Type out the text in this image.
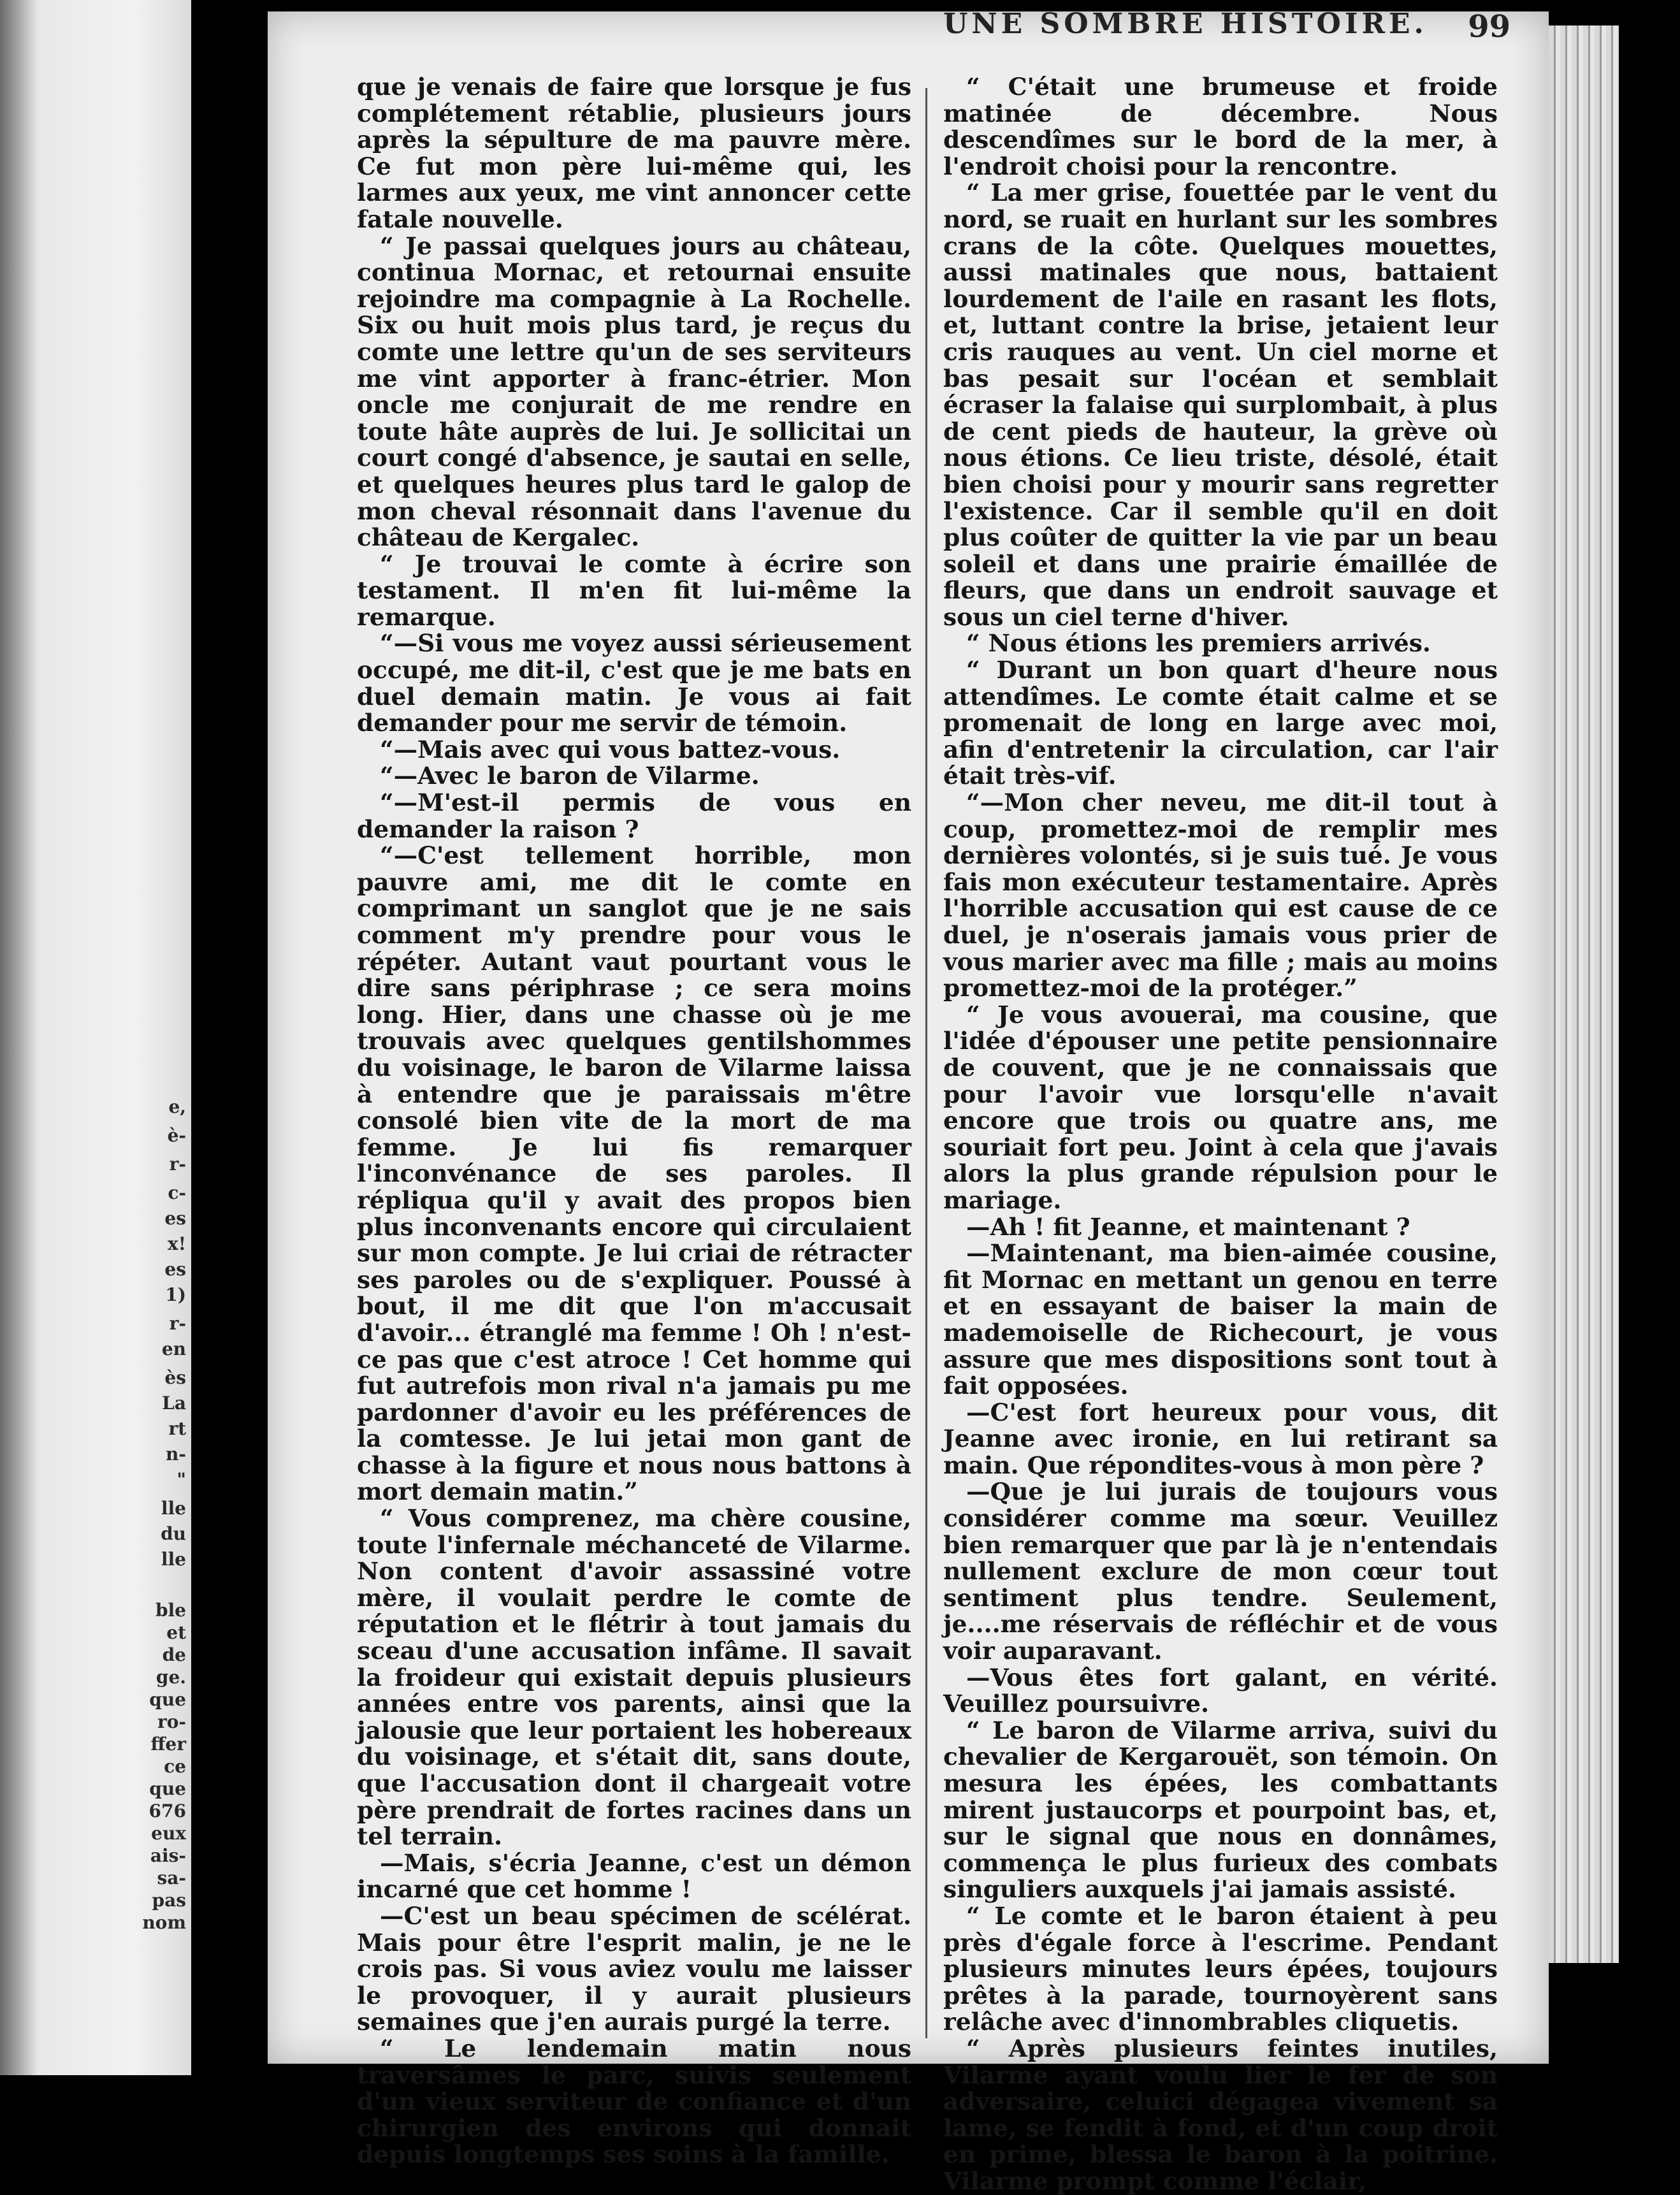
e,
è-
r-
c-
es
x!
es
1)
r-
en
ès
La
rt
n-
"
lle
du
lle
ble
et
de
ge.
que
ro-
ffer
ce
que
676
eux
ais-
sa-
pas
nom
UNE SOMBRE HISTOIRE. 99

que je venais de faire que lorsque je fus complétement rétablie, plusieurs jours après la sépulture de ma pauvre mère. Ce fut mon père lui-même qui, les larmes aux yeux, me vint annoncer cette fatale nouvelle.

“ Je passai quelques jours au château, continua Mornac, et retournai ensuite rejoindre ma compagnie à La Rochelle. Six ou huit mois plus tard, je reçus du comte une lettre qu'un de ses serviteurs me vint apporter à franc-étrier. Mon oncle me conjurait de me rendre en toute hâte auprès de lui. Je sollicitai un court congé d'absence, je sautai en selle, et quelques heures plus tard le galop de mon cheval résonnait dans l'avenue du château de Kergalec.

“ Je trouvai le comte à écrire son testament. Il m'en fit lui-même la remarque.

“—Si vous me voyez aussi sérieusement occupé, me dit-il, c'est que je me bats en duel demain matin. Je vous ai fait demander pour me servir de témoin.

“—Mais avec qui vous battez-vous.

“—Avec le baron de Vilarme.

“—M'est-il permis de vous en demander la raison ?

“—C'est tellement horrible, mon pauvre ami, me dit le comte en comprimant un sanglot que je ne sais comment m'y prendre pour vous le répéter. Autant vaut pourtant vous le dire sans périphrase ; ce sera moins long. Hier, dans une chasse où je me trouvais avec quelques gentilshommes du voisinage, le baron de Vilarme laissa à entendre que je paraissais m'être consolé bien vite de la mort de ma femme. Je lui fis remarquer l'inconvénance de ses paroles. Il répliqua qu'il y avait des propos bien plus inconvenants encore qui circulaient sur mon compte. Je lui criai de rétracter ses paroles ou de s'expliquer. Poussé à bout, il me dit que l'on m'accusait d'avoir... étranglé ma femme ! Oh ! n'est-ce pas que c'est atroce ! Cet homme qui fut autrefois mon rival n'a jamais pu me pardonner d'avoir eu les préférences de la comtesse. Je lui jetai mon gant de chasse à la figure et nous nous battons à mort demain matin.”

“ Vous comprenez, ma chère cousine, toute l'infernale méchanceté de Vilarme. Non content d'avoir assassiné votre mère, il voulait perdre le comte de réputation et le flétrir à tout jamais du sceau d'une accusation infâme. Il savait la froideur qui existait depuis plusieurs années entre vos parents, ainsi que la jalousie que leur portaient les hobereaux du voisinage, et s'était dit, sans doute, que l'accusation dont il chargeait votre père prendrait de fortes racines dans un tel terrain.

—Mais, s'écria Jeanne, c'est un démon incarné que cet homme !

—C'est un beau spécimen de scélérat. Mais pour être l'esprit malin, je ne le crois pas. Si vous aviez voulu me laisser le provoquer, il y aurait plusieurs semaines que j'en aurais purgé la terre.

“ Le lendemain matin nous traversâmes le parc, suivis seulement d'un vieux serviteur de confiance et d'un chirurgien des environs qui donnait depuis longtemps ses soins à la famille.

“ C'était une brumeuse et froide matinée de décembre. Nous descendîmes sur le bord de la mer, à l'endroit choisi pour la rencontre.

“ La mer grise, fouettée par le vent du nord, se ruait en hurlant sur les sombres crans de la côte. Quelques mouettes, aussi matinales que nous, battaient lourdement de l'aile en rasant les flots, et, luttant contre la brise, jetaient leur cris rauques au vent. Un ciel morne et bas pesait sur l'océan et semblait écraser la falaise qui surplombait, à plus de cent pieds de hauteur, la grève où nous étions. Ce lieu triste, désolé, était bien choisi pour y mourir sans regretter l'existence. Car il semble qu'il en doit plus coûter de quitter la vie par un beau soleil et dans une prairie émaillée de fleurs, que dans un endroit sauvage et sous un ciel terne d'hiver.

“ Nous étions les premiers arrivés.

“ Durant un bon quart d'heure nous attendîmes. Le comte était calme et se promenait de long en large avec moi, afin d'entretenir la circulation, car l'air était très-vif.

“—Mon cher neveu, me dit-il tout à coup, promettez-moi de remplir mes dernières volontés, si je suis tué. Je vous fais mon exécuteur testamentaire. Après l'horrible accusation qui est cause de ce duel, je n'oserais jamais vous prier de vous marier avec ma fille ; mais au moins promettez-moi de la protéger.”

“ Je vous avouerai, ma cousine, que l'idée d'épouser une petite pensionnaire de couvent, que je ne connaissais que pour l'avoir vue lorsqu'elle n'avait encore que trois ou quatre ans, me souriait fort peu. Joint à cela que j'avais alors la plus grande répulsion pour le mariage.

—Ah ! fit Jeanne, et maintenant ?

—Maintenant, ma bien-aimée cousine, fit Mornac en mettant un genou en terre et en essayant de baiser la main de mademoiselle de Richecourt, je vous assure que mes dispositions sont tout à fait opposées.

—C'est fort heureux pour vous, dit Jeanne avec ironie, en lui retirant sa main. Que répondites-vous à mon père ?

—Que je lui jurais de toujours vous considérer comme ma sœur. Veuillez bien remarquer que par là je n'entendais nullement exclure de mon cœur tout sentiment plus tendre. Seulement, je....me réservais de réfléchir et de vous voir auparavant.

—Vous êtes fort galant, en vérité. Veuillez poursuivre.

“ Le baron de Vilarme arriva, suivi du chevalier de Kergarouët, son témoin. On mesura les épées, les combattants mirent justaucorps et pourpoint bas, et, sur le signal que nous en donnâmes, commença le plus furieux des combats singuliers auxquels j'ai jamais assisté.

“ Le comte et le baron étaient à peu près d'égale force à l'escrime. Pendant plusieurs minutes leurs épées, toujours prêtes à la parade, tournoyèrent sans relâche avec d'innombrables cliquetis.

“ Après plusieurs feintes inutiles, Vilarme ayant voulu lier le fer de son adversaire, celuici dégagea vivement sa lame, se fendit à fond, et d'un coup droit en prime, blessa le baron à la poitrine. Vilarme prompt comme l'éclair,
